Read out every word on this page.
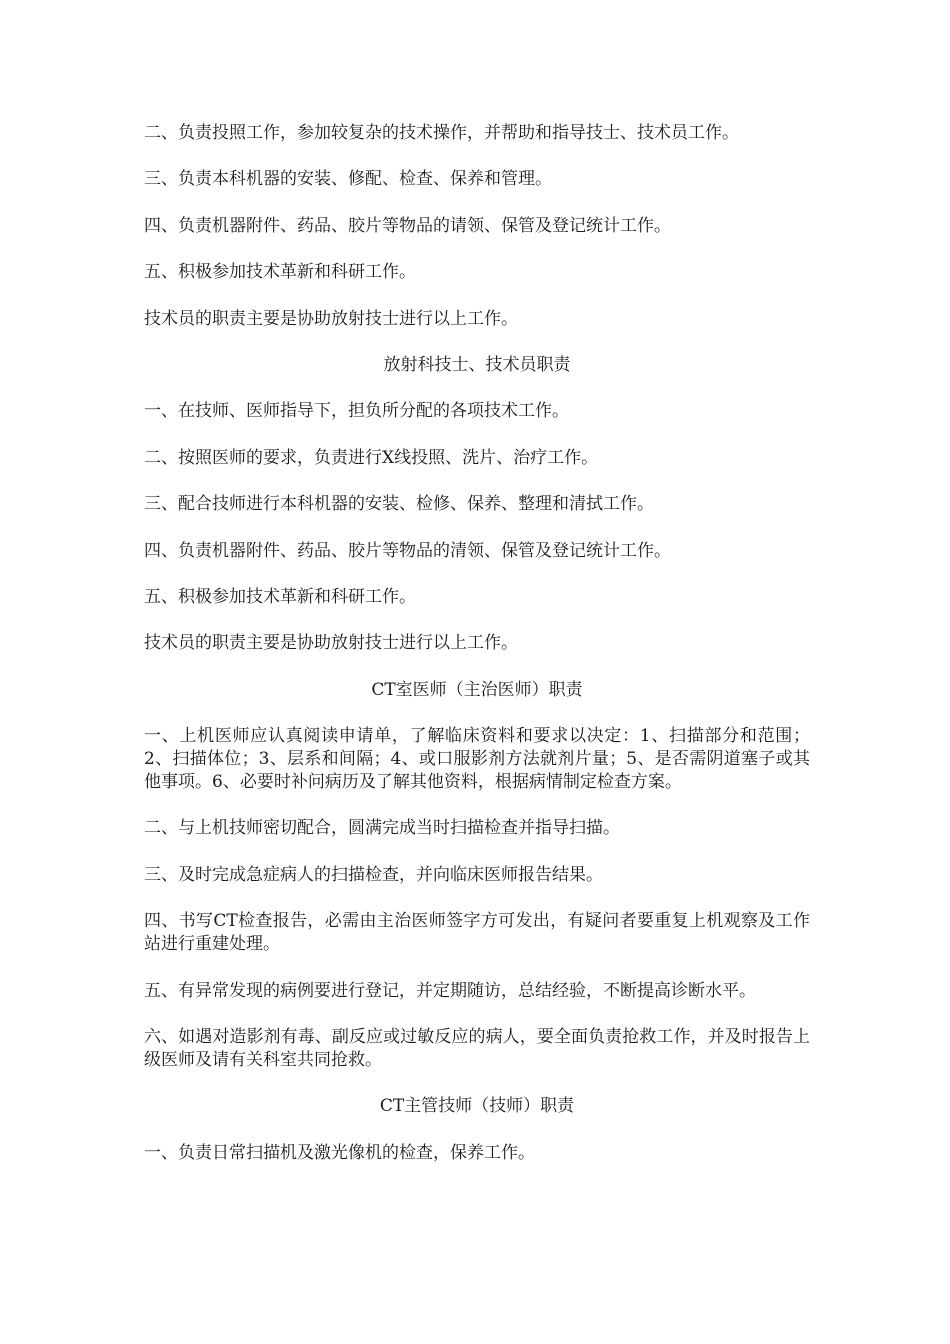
二、负责投照工作，参加较复杂的技术操作，并帮助和指导技士、技术员工作。

三、负责本科机器的安装、修配、检查、保养和管理。

四、负责机器附件、药品、胶片等物品的请领、保管及登记统计工作。

五、积极参加技术革新和科研工作。

技术员的职责主要是协助放射技士进行以上工作。

放射科技士、技术员职责

一、在技师、医师指导下，担负所分配的各项技术工作。

二、按照医师的要求，负责进行X线投照、洗片、治疗工作。

三、配合技师进行本科机器的安装、检修、保养、整理和清拭工作。

四、负责机器附件、药品、胶片等物品的清领、保管及登记统计工作。

五、积极参加技术革新和科研工作。

技术员的职责主要是协助放射技士进行以上工作。

CT室医师（主治医师）职责

一、上机医师应认真阅读申请单，了解临床资料和要求以决定：1、扫描部分和范围；2、扫描体位；3、层系和间隔；4、或口服影剂方法就剂片量；5、是否需阴道塞子或其他事项。6、必要时补问病历及了解其他资料，根据病情制定检查方案。

二、与上机技师密切配合，圆满完成当时扫描检查并指导扫描。

三、及时完成急症病人的扫描检查，并向临床医师报告结果。

四、书写CT检查报告，必需由主治医师签字方可发出，有疑问者要重复上机观察及工作站进行重建处理。

五、有异常发现的病例要进行登记，并定期随访，总结经验，不断提高诊断水平。

六、如遇对造影剂有毒、副反应或过敏反应的病人，要全面负责抢救工作，并及时报告上级医师及请有关科室共同抢救。

CT主管技师（技师）职责

一、负责日常扫描机及激光像机的检查，保养工作。
